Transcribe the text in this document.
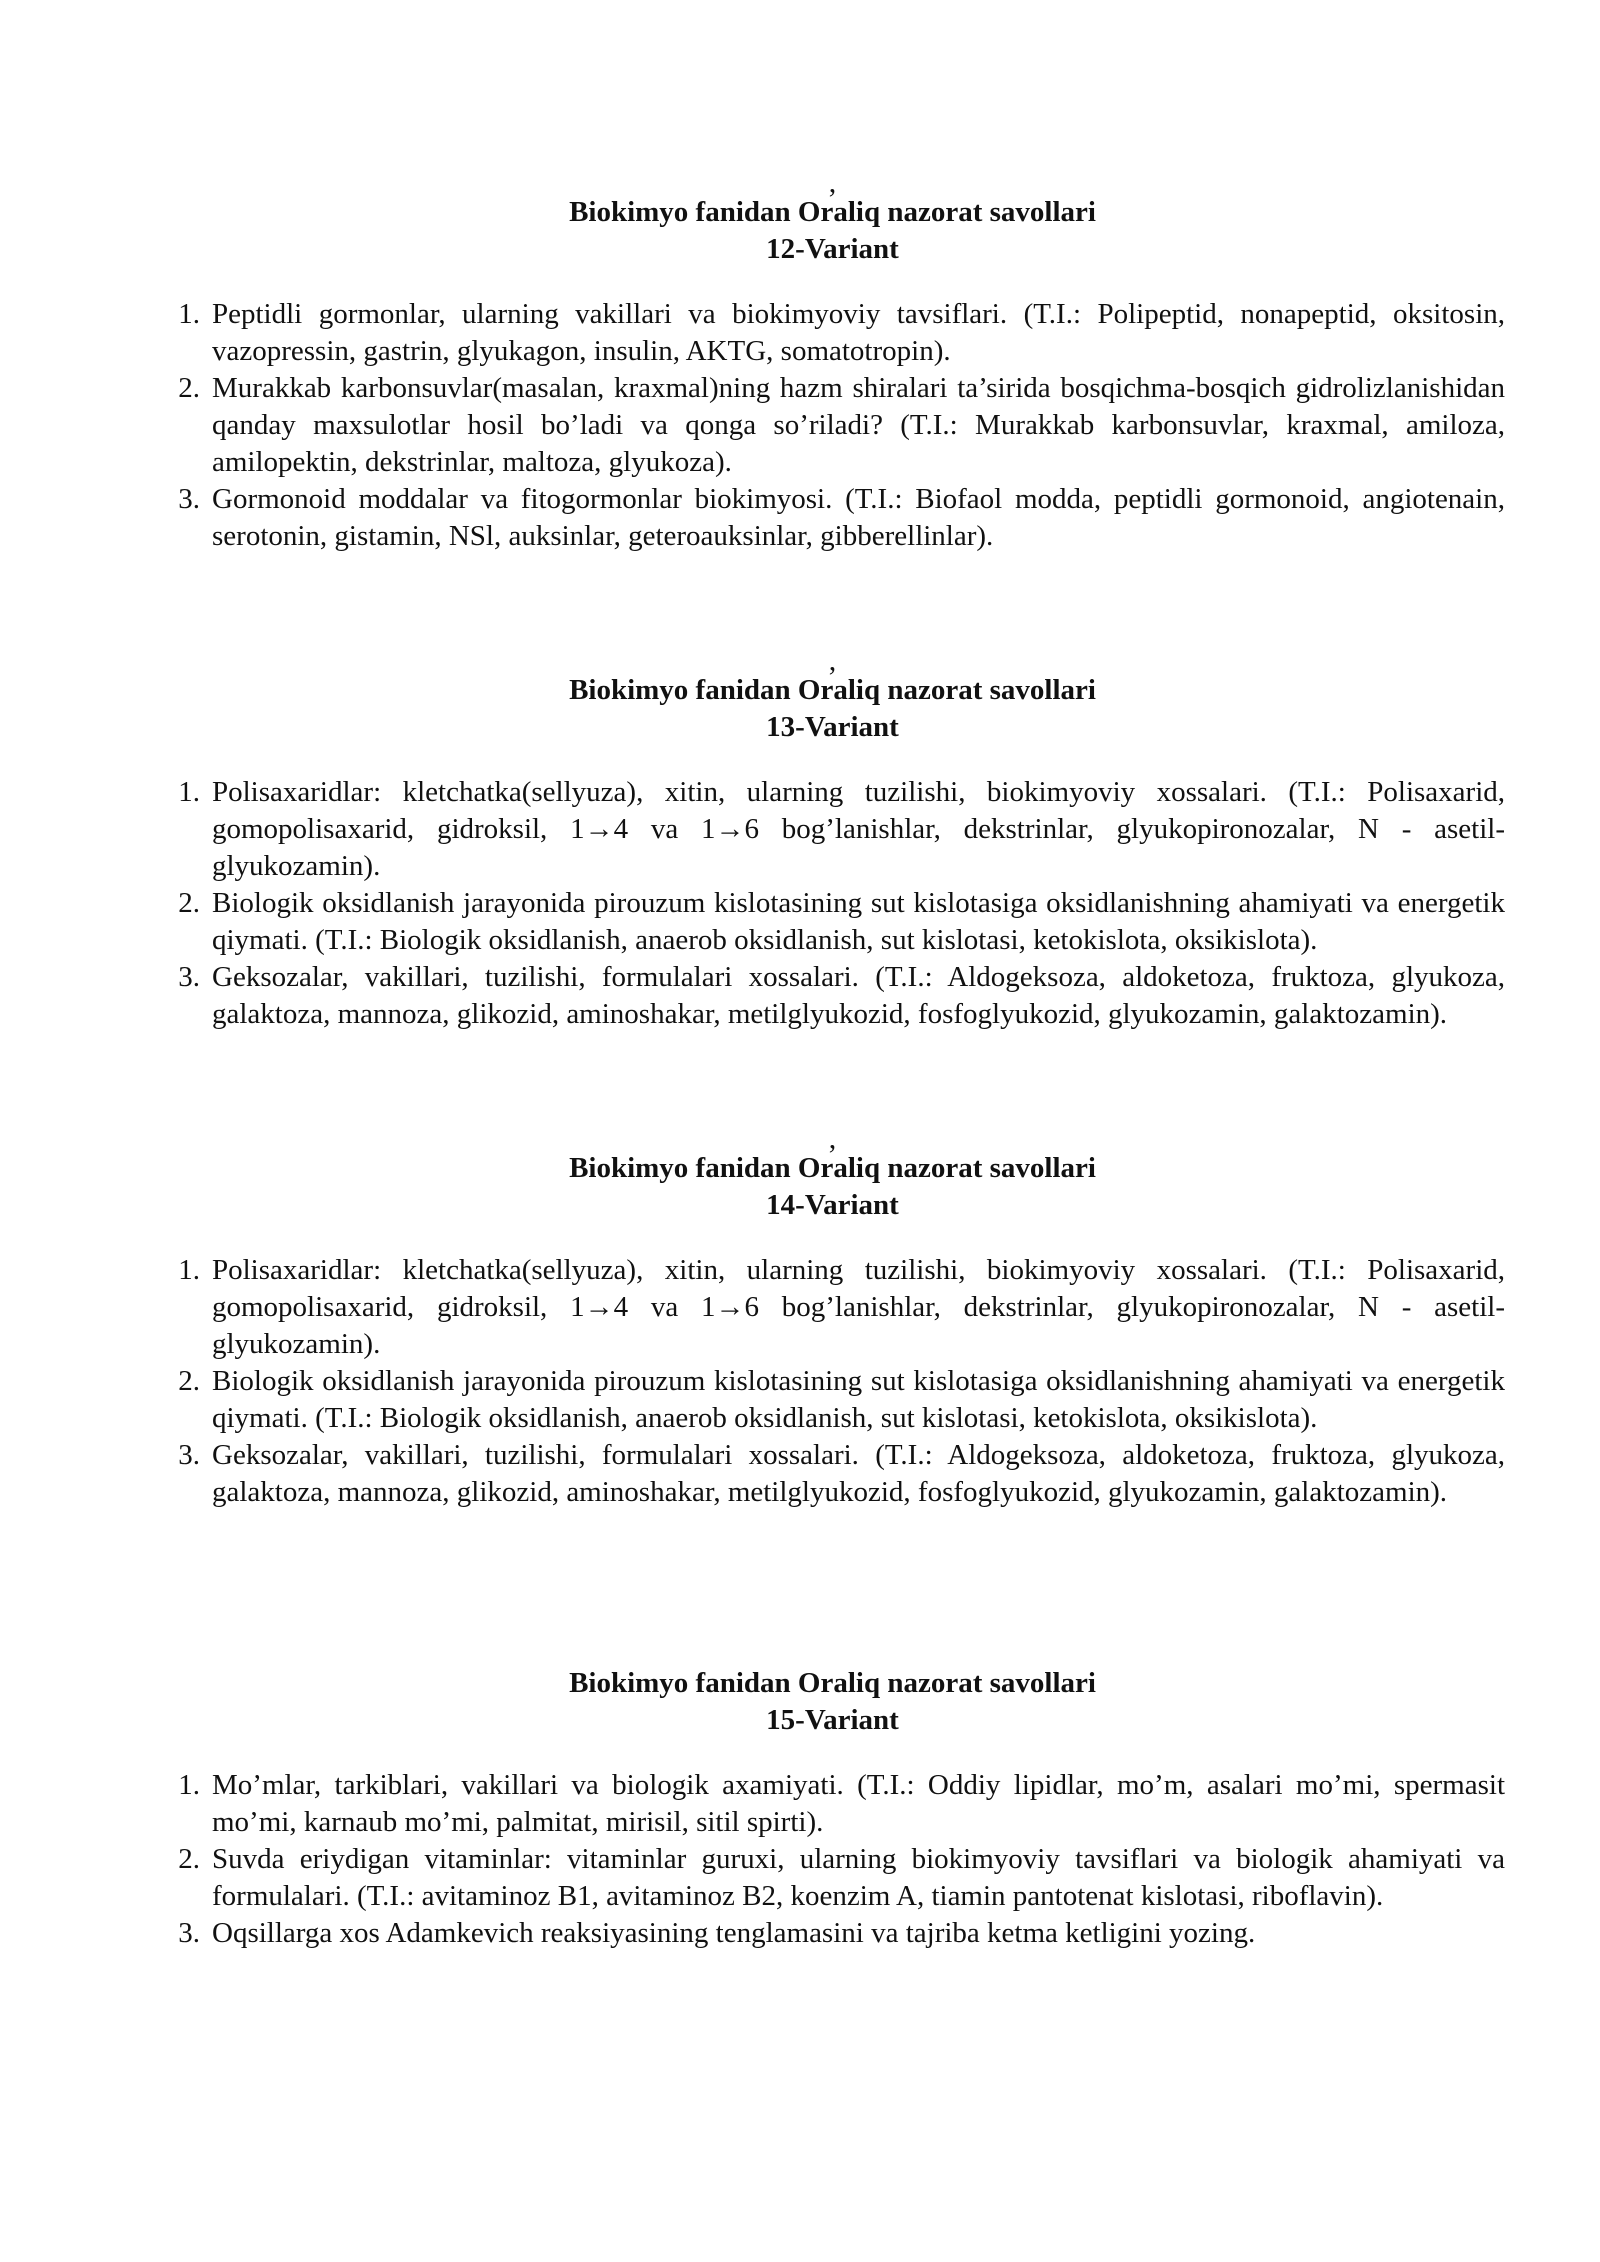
,
Biokimyo fanidan Oraliq nazorat savollari
12-Variant
1. Peptidli gormonlar, ularning vakillari va biokimyoviy tavsiflari. (T.I.: Polipeptid, nonapeptid, oksitosin, vazopressin, gastrin, glyukagon, insulin, AKTG, somatotropin).
2. Murakkab karbonsuvlar(masalan, kraxmal)ning hazm shiralari ta’sirida bosqichma-bosqich gidrolizlanishidan qanday maxsulotlar hosil bo’ladi va qonga so’riladi? (T.I.: Murakkab karbonsuvlar, kraxmal, amiloza, amilopektin, dekstrinlar, maltoza, glyukoza).
3. Gormonoid moddalar va fitogormonlar biokimyosi. (T.I.: Biofaol modda, peptidli gormonoid, angiotenain, serotonin, gistamin, NSl, auksinlar, geteroauksinlar, gibberellinlar).
,
Biokimyo fanidan Oraliq nazorat savollari
13-Variant
1. Polisaxaridlar: kletchatka(sellyuza), xitin, ularning tuzilishi, biokimyoviy xossalari. (T.I.: Polisaxarid, gomopolisaxarid, gidroksil, 1→4 va 1→6 bog’lanishlar, dekstrinlar, glyukopironozalar, N - asetil- glyukozamin).
2. Biologik oksidlanish jarayonida pirouzum kislotasining sut kislotasiga oksidlanishning ahamiyati va energetik qiymati. (T.I.: Biologik oksidlanish, anaerob oksidlanish, sut kislotasi, ketokislota, oksikislota).
3. Geksozalar, vakillari, tuzilishi, formulalari xossalari. (T.I.: Aldogeksoza, aldoketoza, fruktoza, glyukoza, galaktoza, mannoza, glikozid, aminoshakar, metilglyukozid, fosfoglyukozid, glyukozamin, galaktozamin).
,
Biokimyo fanidan Oraliq nazorat savollari
14-Variant
1. Polisaxaridlar: kletchatka(sellyuza), xitin, ularning tuzilishi, biokimyoviy xossalari. (T.I.: Polisaxarid, gomopolisaxarid, gidroksil, 1→4 va 1→6 bog’lanishlar, dekstrinlar, glyukopironozalar, N - asetil- glyukozamin).
2. Biologik oksidlanish jarayonida pirouzum kislotasining sut kislotasiga oksidlanishning ahamiyati va energetik qiymati. (T.I.: Biologik oksidlanish, anaerob oksidlanish, sut kislotasi, ketokislota, oksikislota).
3. Geksozalar, vakillari, tuzilishi, formulalari xossalari. (T.I.: Aldogeksoza, aldoketoza, fruktoza, glyukoza, galaktoza, mannoza, glikozid, aminoshakar, metilglyukozid, fosfoglyukozid, glyukozamin, galaktozamin).
Biokimyo fanidan Oraliq nazorat savollari
15-Variant
1. Mo’mlar, tarkiblari, vakillari va biologik axamiyati. (T.I.: Oddiy lipidlar, mo’m, asalari mo’mi, spermasit mo’mi, karnaub mo’mi, palmitat, mirisil, sitil spirti).
2. Suvda eriydigan vitaminlar: vitaminlar guruxi, ularning biokimyoviy tavsiflari va biologik ahamiyati va formulalari. (T.I.: avitaminoz B1, avitaminoz B2, koenzim A, tiamin pantotenat kislotasi, riboflavin).
3. Oqsillarga xos Adamkevich reaksiyasining tenglamasini va tajriba ketma ketligini yozing.
